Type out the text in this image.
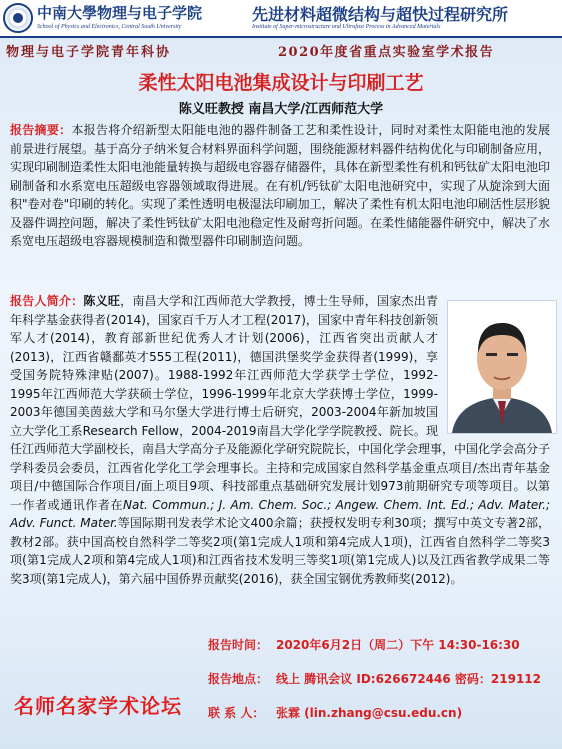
中南大學物理与电子学院
School of Physics and Electronics, Central South University
先进材料超微结构与超快过程研究所
Institute of Super-microstructure and Ultrafast Process in Advanced Materials
物理与电子学院青年科协	2020年度省重点实验室学术报告
柔性太阳电池集成设计与印刷工艺
陈义旺教授 南昌大学/江西师范大学

报告摘要：本报告将介绍新型太阳能电池的器件制备工艺和柔性设计，同时对柔性太阳能电池的发展前景进行展望。基于高分子纳米复合材料界面科学问题，围绕能源材料器件结构优化与印刷制备应用，实现印刷制造柔性太阳电池能量转换与超级电容器存储器件，具体在新型柔性有机和钙钛矿太阳电池印刷制备和水系宽电压超级电容器领域取得进展。在有机/钙钛矿太阳电池研究中，实现了从旋涂到大面积"卷对卷"印刷的转化。实现了柔性透明电极湿法印刷加工，解决了柔性有机太阳电池印刷活性层形貌及器件调控问题，解决了柔性钙钛矿太阳电池稳定性及耐弯折问题。在柔性储能器件研究中，解决了水系宽电压超级电容器规模制造和微型器件印刷制造问题。

报告人简介：陈义旺，南昌大学和江西师范大学教授，博士生导师，国家杰出青年科学基金获得者(2014)，国家百千万人才工程(2017)，国家中青年科技创新领军人才(2014)，教育部新世纪优秀人才计划(2006)，江西省突出贡献人才(2013)，江西省赣鄱英才555工程(2011)，德国洪堡奖学金获得者(1999)，享受国务院特殊津贴(2007)。1988-1992年江西师范大学获学士学位，1992-1995年江西师范大学获硕士学位，1996-1999年北京大学获博士学位，1999-2003年德国美茵兹大学和马尔堡大学进行博士后研究，2003-2004年新加坡国立大学化工系Research Fellow，2004-2019南昌大学化学学院教授、院长。现任江西师范大学副校长，南昌大学高分子及能源化学研究院院长，中国化学会理事，中国化学会高分子学科委员会委员，江西省化学化工学会理事长。主持和完成国家自然科学基金重点项目/杰出青年基金项目/中德国际合作项目/面上项目9项、科技部重点基础研究发展计划973前期研究专项等项目。以第一作者或通讯作者在Nat. Commun.; J. Am. Chem. Soc.; Angew. Chem. Int. Ed.; Adv. Mater.; Adv. Funct. Mater.等国际期刊发表学术论文400余篇；获授权发明专利30项；撰写中英文专著2部，教材2部。获中国高校自然科学二等奖2项(第1完成人1项和第4完成人1项)，江西省自然科学二等奖3项(第1完成人2项和第4完成人1项)和江西省技术发明三等奖1项(第1完成人)以及江西省教学成果二等奖3项(第1完成人)，第六届中国侨界贡献奖(2016)，获全国宝钢优秀教师奖(2012)。

名师名家学术论坛
报告时间： 2020年6月2日（周二）下午 14:30-16:30
报告地点： 线上 腾讯会议 ID:626672446 密码：219112
联 系 人： 张霖 (lin.zhang@csu.edu.cn)
